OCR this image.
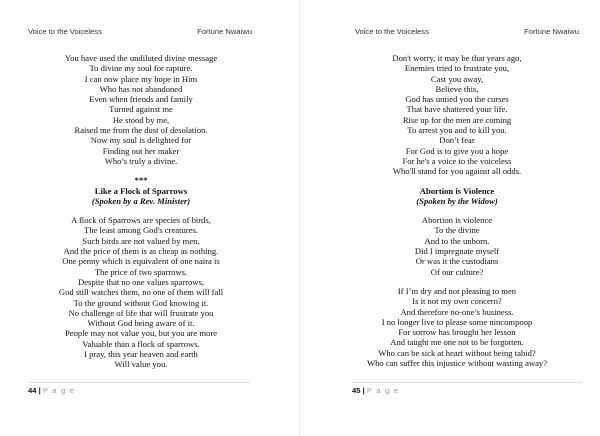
Voice to the Voiceless	Fortune Nwaiwu
You have used the undiluted divine message
To divine my soul for rapture.
I can now place my hope in Him
Who has not abandoned
Even when friends and family
Turned against me
He stood by me,
Raised me from the dust of desolation.
Now my soul is delighted for
Finding out her maker
Who’s truly a divine.
***
Like a Flock of Sparrows
(Spoken by a Rev. Minister)
A flock of Sparrows are species of birds,
The least among God's creatures.
Such birds are not valued by men,
And the price of them is as cheap as nothing.
One penny which is equivalent of one naira is
The price of two sparrows.
Despite that no one values sparrows,
God still watches them, no one of them will fall
To the ground without God knowing it.
No challenge of life that will frustrate you
Without God being aware of it.
People may not value you, but you are more
Valuable than a flock of sparrows.
I pray, this year heaven and earth
Will value you.
Voice to the Voiceless	Fortune Nwaiwu
Don't worry, it may be that years ago,
Enemies tried to frustrate you,
Cast you away,
Believe this,
God has untied you the curses
That have shattered your life.
Rise up for the men are coming
To arrest you and to kill you.
Don’t fear
For God is to give you a hope
For he's a voice to the voiceless
Who'll stand for you against all odds.
Abortion is Violence
(Spoken by the Widow)
Abortion is violence
To the divine
And to the unborn.
Did I impregnate myself
Or was it the custodians
Of our culture?
If I’m dry and not pleasing to men
Is it not my own concern?
And therefore no-one’s business.
I no longer live to please some nincompoop
For sorrow has brought her lesson
And taught me one not to be forgotten.
Who can be sick at heart without being tabid?
Who can suffer this injustice without wasting away?
44 | P a g e	45 | P a g e
